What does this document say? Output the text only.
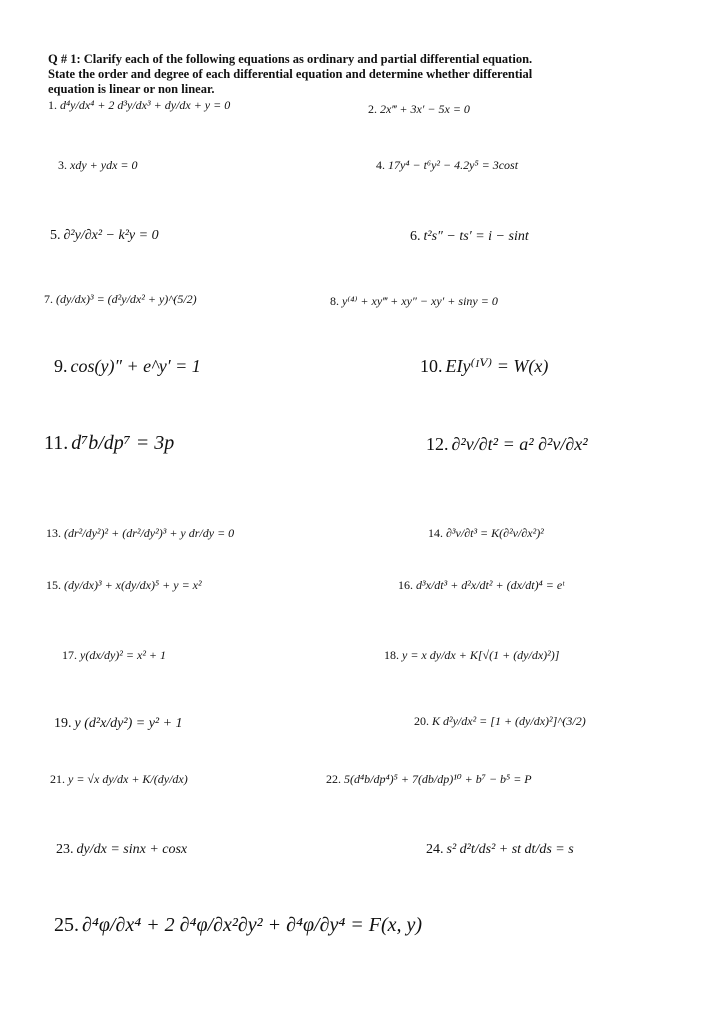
Q # 1: Clarify each of the following equations as ordinary and partial differential equation.
State the order and degree of each differential equation and determine whether differential
equation is linear or non linear.
1. d⁴y/dx⁴ + 2 d³y/dx³ + dy/dx + y = 0
3. xdy + ydx = 0
5. ∂²y/∂x² − k²y = 0
7. (dy/dx)³ = (d²y/dx² + y)^(5/2)
9. cos(y)″ + e^y′ = 1
11. d⁷b/dp⁷ = 3p
13. (dr²/dy²)² + (dr²/dy²)³ + y dr/dy = 0
15. (dy/dx)³ + x(dy/dx)⁵ + y = x²
17. y(dx/dy)² = x² + 1
19. y (d²x/dy²) = y² + 1
21. y = √x dy/dx + K/(dy/dx)
23. dy/dx = sinx + cosx
25. ∂⁴φ/∂x⁴ + 2 ∂⁴φ/∂x²∂y² + ∂⁴φ/∂y⁴ = F(x, y)
2. 2x‴ + 3x′ − 5x = 0
4. 17y⁴ − t⁶y² − 4.2y⁵ = 3cost
6. t²s″ − ts′ = i − sint
8. y⁽⁴⁾ + xy‴ + xy″ − xy′ + siny = 0
10. EIy⁽ᴵⱽ⁾ = W(x)
12. ∂²v/∂t² = a² ∂²v/∂x²
14. ∂³v/∂t³ = K(∂²v/∂x²)²
16. d³x/dt³ + d²x/dt² + (dx/dt)⁴ = eᵗ
18. y = x dy/dx + K[√(1 + (dy/dx)²)]
20. K d²y/dx² = [1 + (dy/dx)²]^(3/2)
22. 5(d⁴b/dp⁴)⁵ + 7(db/dp)¹⁰ + b⁷ − b⁵ = P
24. s² d²t/ds² + st dt/ds = s
